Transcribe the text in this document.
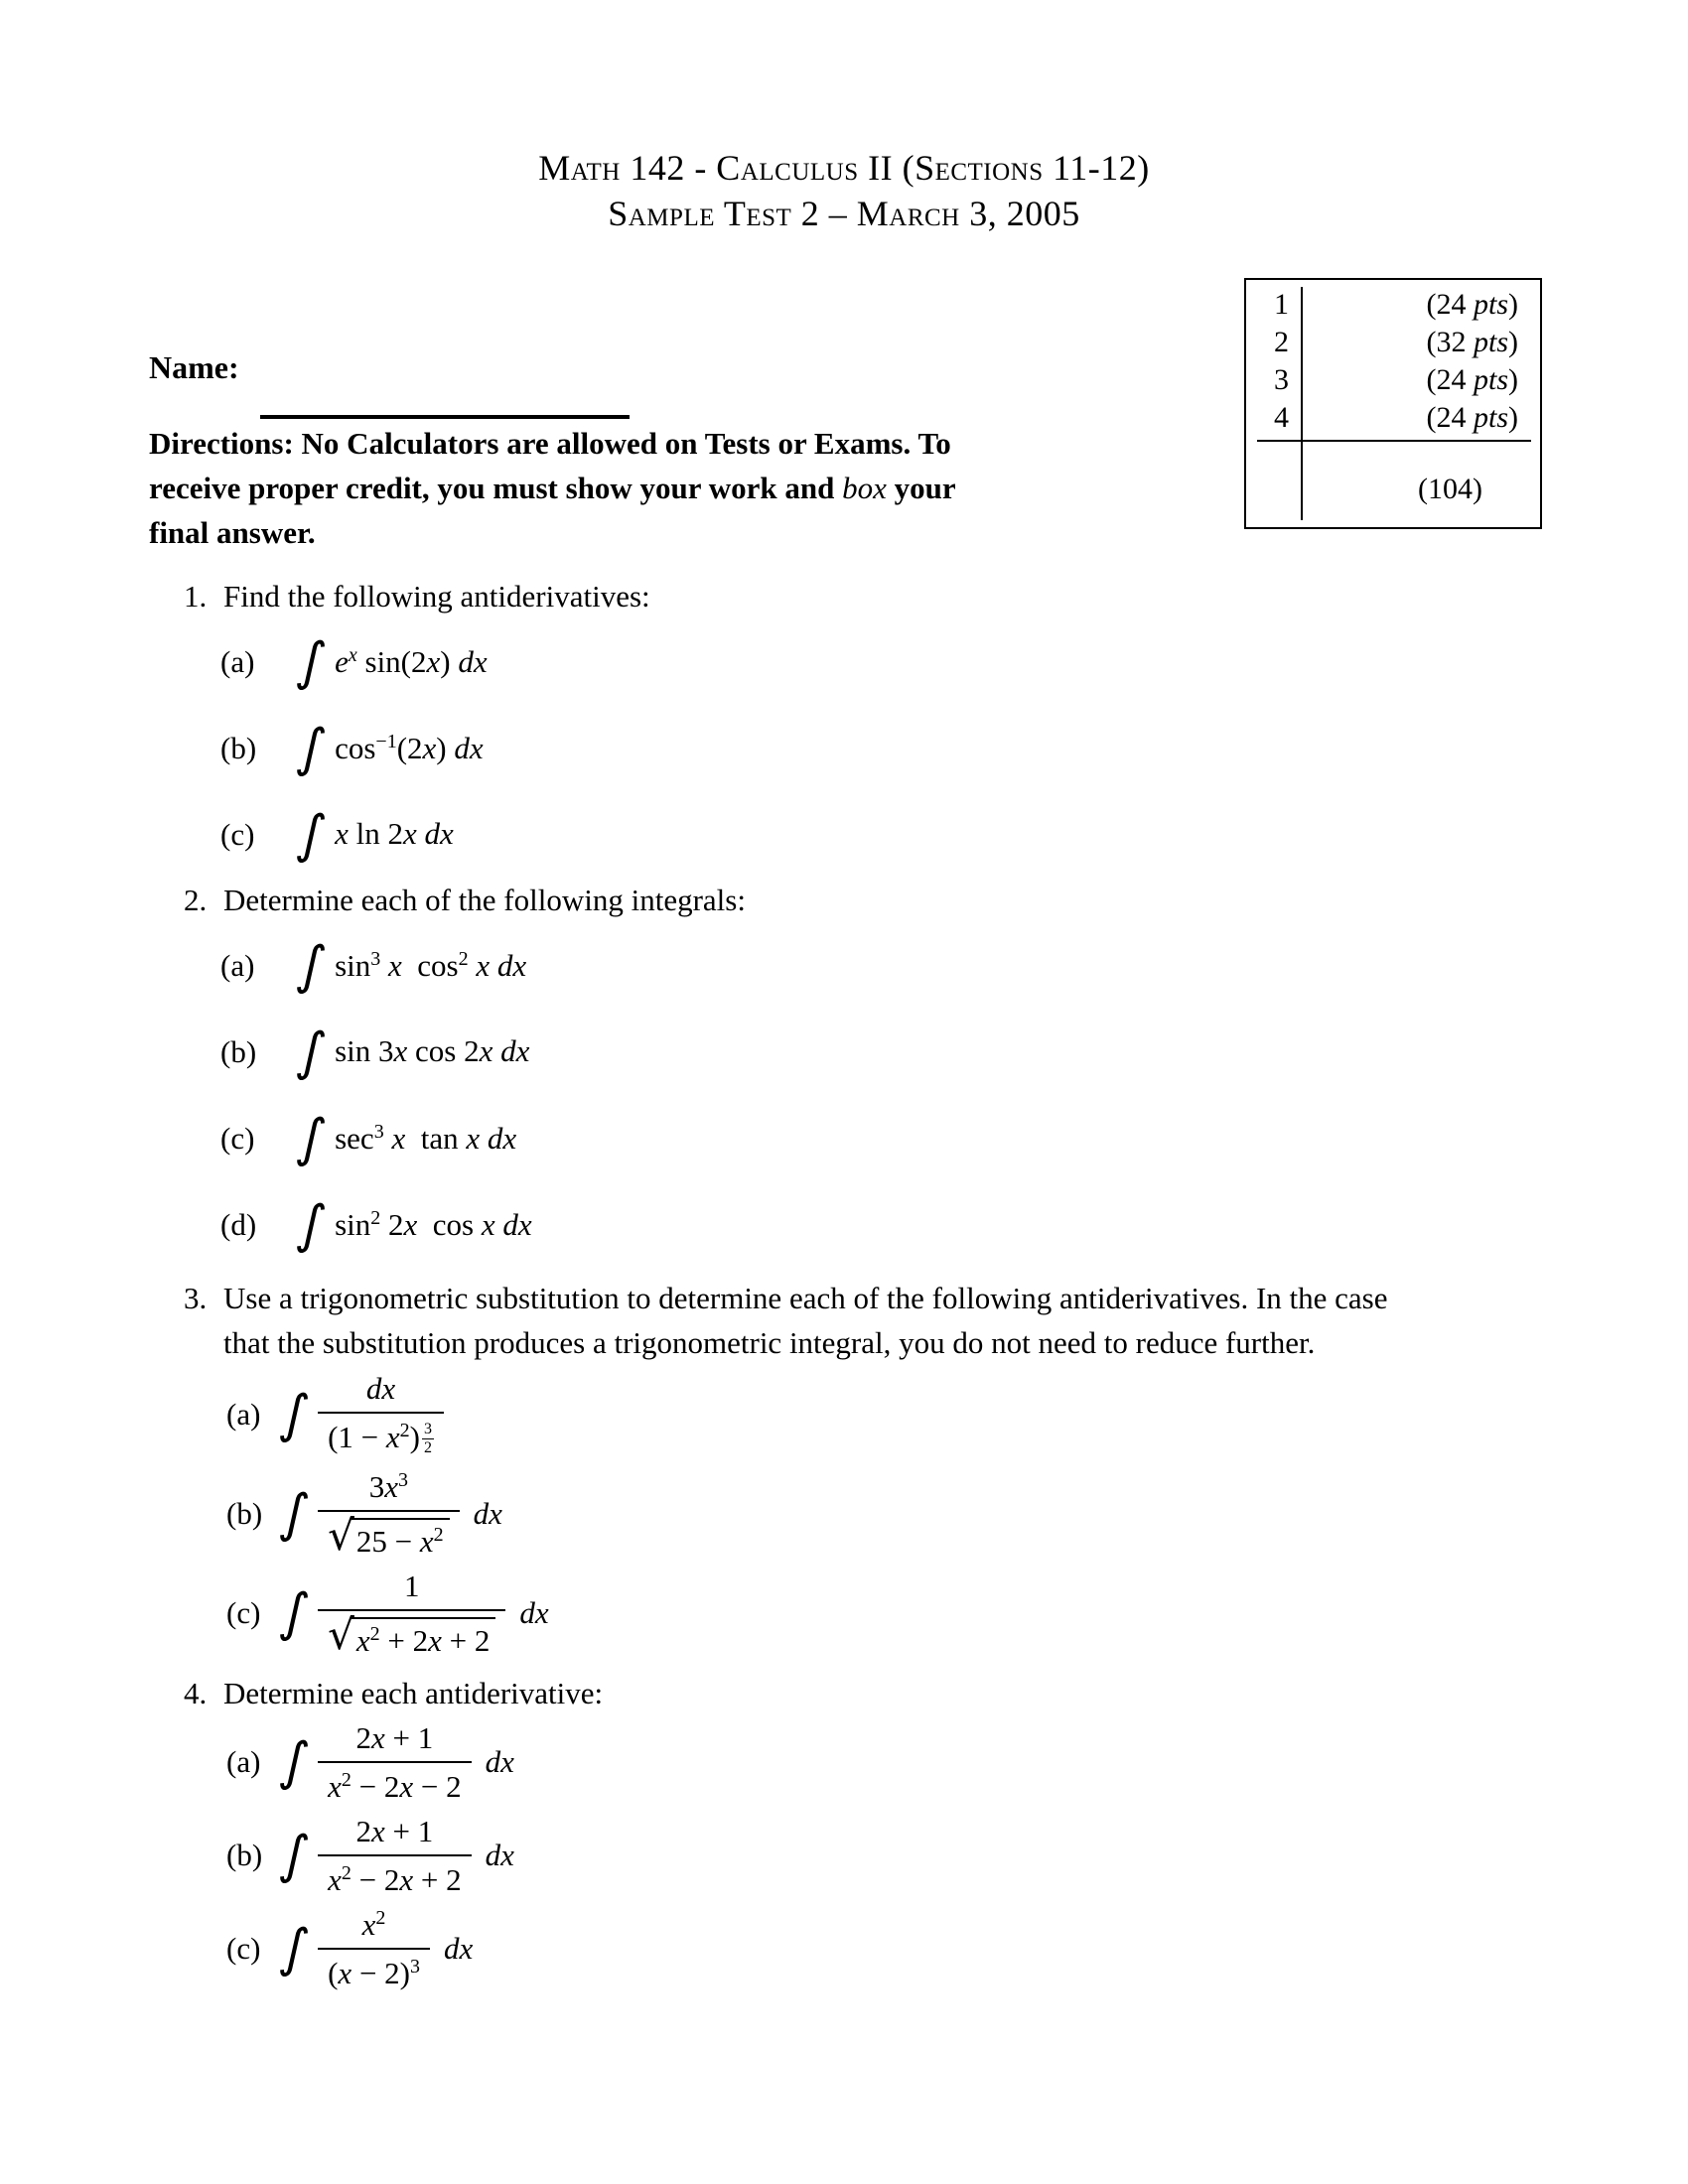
Math 142 - Calculus II (Sections 11-12)
Sample Test 2 – March 3, 2005
1	(24 pts)
2	(32 pts)
3	(24 pts)
4	(24 pts)
(104)
Name:
Directions: No Calculators are allowed on Tests or Exams. To
receive proper credit, you must show your work and box your
final answer.
1. Find the following antiderivatives:
(a) ∫ $e^x$ sin(2x) dx
(b) ∫ $\cos^{-1}(2x)$ dx
(c) ∫ x ln 2x dx
2. Determine each of the following integrals:
(a) ∫ $\sin^3 x$  $\cos^2 x$ dx
(b) ∫ sin 3x cos 2x dx
(c) ∫ $\sec^3 x$  tan x dx
(d) ∫ $\sin^2 2x$  cos x dx
3. Use a trigonometric substitution to determine each of the following antiderivatives. In the case
that the substitution produces a trigonometric integral, you do not need to reduce further.
(a) ∫ $\frac{dx}{(1 - x^2) \frac{3}{2}}$
(b) ∫ $\frac{3x^3}{√ 25 - x^2}$ dx
(c) ∫ $\frac{1}{√ x^2 + 2x + 2}$ dx
4. Determine each antiderivative:
(a) ∫ $\frac{2x + 1}{x^2 - 2x - 2}$ dx
(b) ∫ $\frac{2x + 1}{x^2 - 2x + 2}$ dx
(c) ∫ $\frac{x^2}{(x - 2)^3}$ dx
